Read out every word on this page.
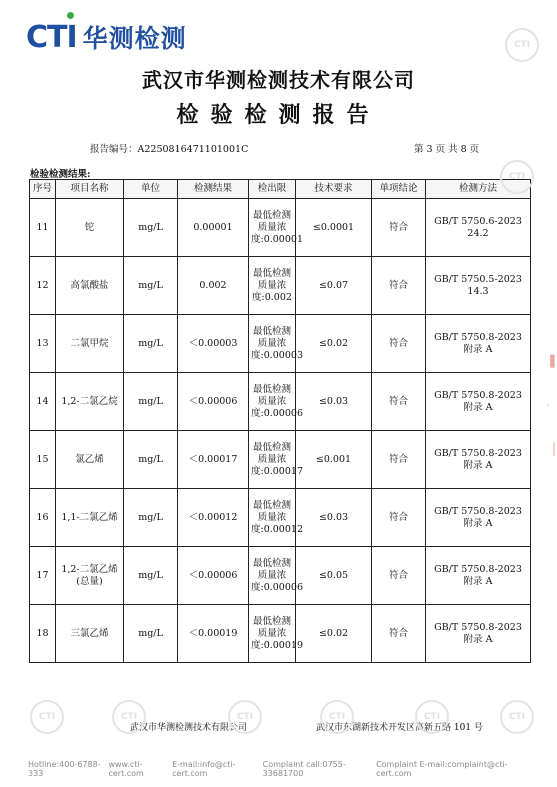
CTI 华测检测
武汉市华测检测技术有限公司
检验检测报告
报告编号：A2250816471101001C	第 3 页 共 8 页
检验检测结果:
序号	项目名称	单位	检测结果	检出限	技术要求	单项结论	检测方法
11	铊	mg/L	0.00001	最低检测质量浓度:0.00001	≤0.0001	符合	GB/T 5750.6-2023 24.2
12	高氯酸盐	mg/L	0.002	最低检测质量浓度:0.002	≤0.07	符合	GB/T 5750.5-2023 14.3
13	二氯甲烷	mg/L	＜0.00003	最低检测质量浓度:0.00003	≤0.02	符合	GB/T 5750.8-2023 附录 A
14	1,2-二氯乙烷	mg/L	＜0.00006	最低检测质量浓度:0.00006	≤0.03	符合	GB/T 5750.8-2023 附录 A
15	氯乙烯	mg/L	＜0.00017	最低检测质量浓度:0.00017	≤0.001	符合	GB/T 5750.8-2023 附录 A
16	1,1-二氯乙烯	mg/L	＜0.00012	最低检测质量浓度:0.00012	≤0.03	符合	GB/T 5750.8-2023 附录 A
17	1,2-二氯乙烯(总量)	mg/L	＜0.00006	最低检测质量浓度:0.00006	≤0.05	符合	GB/T 5750.8-2023 附录 A
18	三氯乙烯	mg/L	＜0.00019	最低检测质量浓度:0.00019	≤0.02	符合	GB/T 5750.8-2023 附录 A
武汉市华测检测技术有限公司	武汉市东湖新技术开发区高新五路 101 号
Hotline:400-6788-333
www.cti-cert.com
E-mail:info@cti-cert.com
Complaint call:0755-33681700
Complaint E-mail:complaint@cti-cert.com
CTI	CTI	CTI	CTI	CTI	CTI
CTI
CTI
▐
·
▕
